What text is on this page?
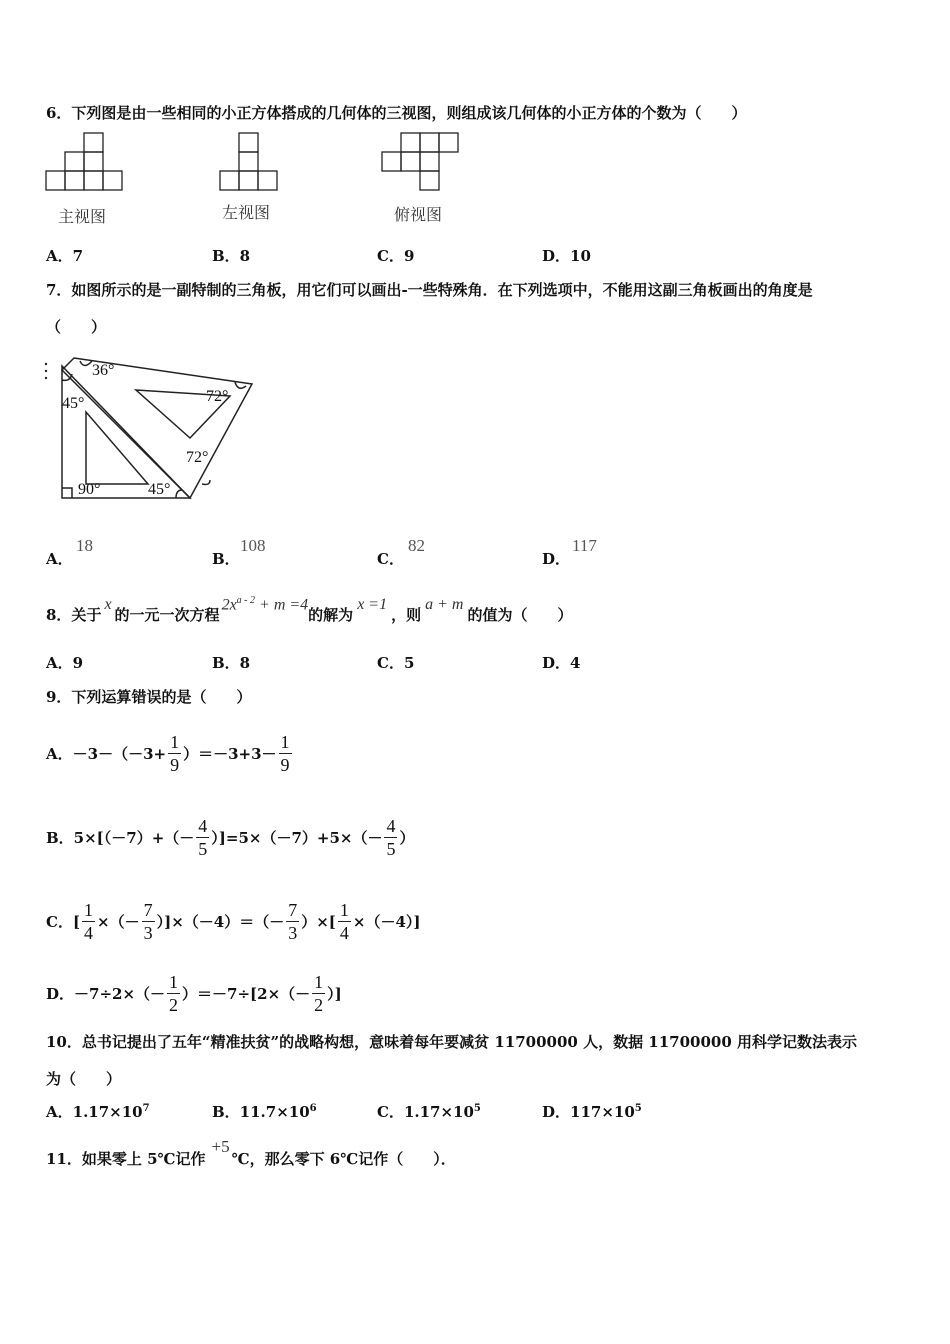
6．下列图是由一些相同的小正方体搭成的几何体的三视图，则组成该几何体的小正方体的个数为（　　）
主视图	左视图	俯视图
A．7	B．8	C．9	D．10
7．如图所示的是一副特制的三角板，用它们可以画出-一些特殊角．在下列选项中，不能用这副三角板画出的角度是
（　　）
36°
72°
45°
72°
90°	45°
A．
18
B．
108
C．
82
D．
117
8．关于
x
的一元一次方程
$2x^{a - 2} + m =4$
的解为
x =1
，则
a + m
的值为（　　）
A．9	B．8	C．5	D．4
9．下列运算错误的是（　　）
A．$-3-(-3+ \frac{1}{9} )=-3+3- \frac{1}{9}$
B．$5\times[(-7)+(- \frac{4}{5} )]=5\times(-7)+5\times(- \frac{4}{5}$ ）
C．[ $\frac{1}{4}$ ×（－ $\frac{7}{3} )]\times(-4)=(- \frac{7}{3}$ ）×[ $\frac{1}{4} \times(-4)$]
D．$-7\div 2\times(- \frac{1}{2} )=-7\div[2\times(- \frac{1}{2}$ ）]
10．总书记提出了五年“精准扶贫”的战略构想，意味着每年要减贫 11700000 人，数据 11700000 用科学记数法表示
为（　　）
A．$1.17\times 10^7$	B．$11.7\times 10^6$	C．$1.17\times 10^5$	D．$117\times 10^5$
11．如果零上 5℃记作
+5
℃，那么零下 6℃记作（　　）．
